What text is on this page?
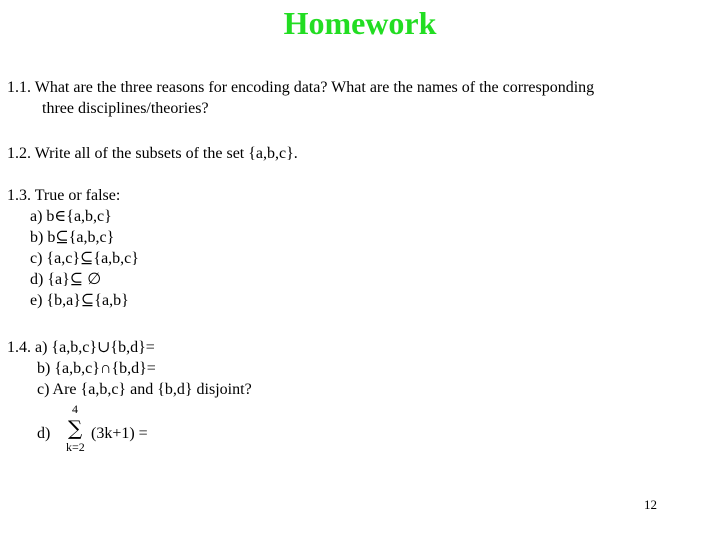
Homework
1.1. What are the three reasons for encoding data? What are the names of the corresponding
three disciplines/theories?
1.2. Write all of the subsets of the set {a,b,c}.
1.3. True or false:
a) b∈{a,b,c}
b) b⊆{a,b,c}
c) {a,c}⊆{a,b,c}
d) {a}⊆ ∅
e) {b,a}⊆{a,b}
1.4. a) {a,b,c}∪{b,d}=
b) {a,b,c}∩{b,d}=
c) Are {a,b,c} and {b,d} disjoint?
d)
4
∑
k=2
(3k+1) =
12
